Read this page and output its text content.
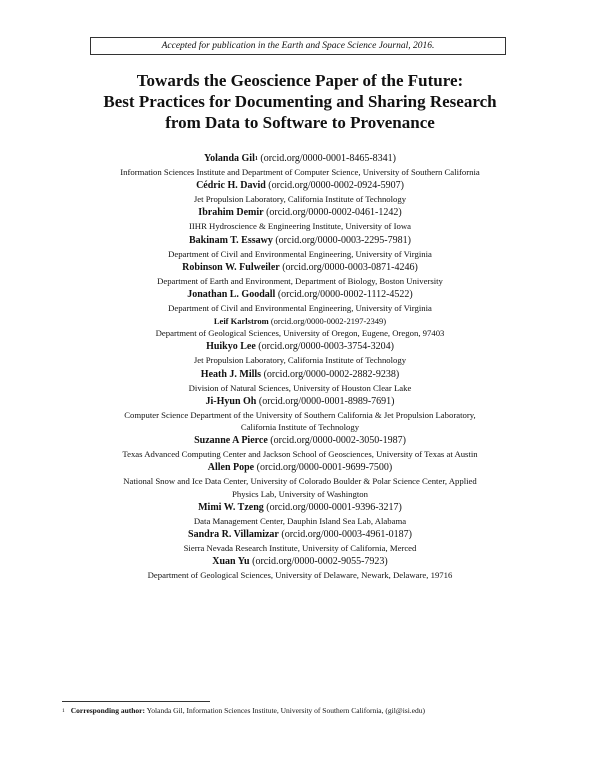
Accepted for publication in the Earth and Space Science Journal, 2016.
Towards the Geoscience Paper of the Future:
Best Practices for Documenting and Sharing Research
from Data to Software to Provenance
Yolanda Gil$^1$ (orcid.org/0000-0001-8465-8341)
Information Sciences Institute and Department of Computer Science, University of Southern California
Cédric H. David (orcid.org/0000-0002-0924-5907)
Jet Propulsion Laboratory, California Institute of Technology
Ibrahim Demir (orcid.org/0000-0002-0461-1242)
IIHR Hydroscience & Engineering Institute, University of Iowa
Bakinam T. Essawy (orcid.org/0000-0003-2295-7981)
Department of Civil and Environmental Engineering, University of Virginia
Robinson W. Fulweiler (orcid.org/0000-0003-0871-4246)
Department of Earth and Environment, Department of Biology, Boston University
Jonathan L. Goodall (orcid.org/0000-0002-1112-4522)
Department of Civil and Environmental Engineering, University of Virginia
Leif Karlstrom (orcid.org/0000-0002-2197-2349)
Department of Geological Sciences, University of Oregon, Eugene, Oregon, 97403
Huikyo Lee (orcid.org/0000-0003-3754-3204)
Jet Propulsion Laboratory, California Institute of Technology
Heath J. Mills (orcid.org/0000-0002-2882-9238)
Division of Natural Sciences, University of Houston Clear Lake
Ji-Hyun Oh (orcid.org/0000-0001-8989-7691)
Computer Science Department of the University of Southern California & Jet Propulsion Laboratory,
California Institute of Technology
Suzanne A Pierce (orcid.org/0000-0002-3050-1987)
Texas Advanced Computing Center and Jackson School of Geosciences, University of Texas at Austin
Allen Pope (orcid.org/0000-0001-9699-7500)
National Snow and Ice Data Center, University of Colorado Boulder & Polar Science Center, Applied
Physics Lab, University of Washington
Mimi W. Tzeng (orcid.org/0000-0001-9396-3217)
Data Management Center, Dauphin Island Sea Lab, Alabama
Sandra R. Villamizar (orcid.org/000-0003-4961-0187)
Sierra Nevada Research Institute, University of California, Merced
Xuan Yu (orcid.org/0000-0002-9055-7923)
Department of Geological Sciences, University of Delaware, Newark, Delaware, 19716
$^1$ Corresponding author: Yolanda Gil, Information Sciences Institute, University of Southern California, (gil@isi.edu)
